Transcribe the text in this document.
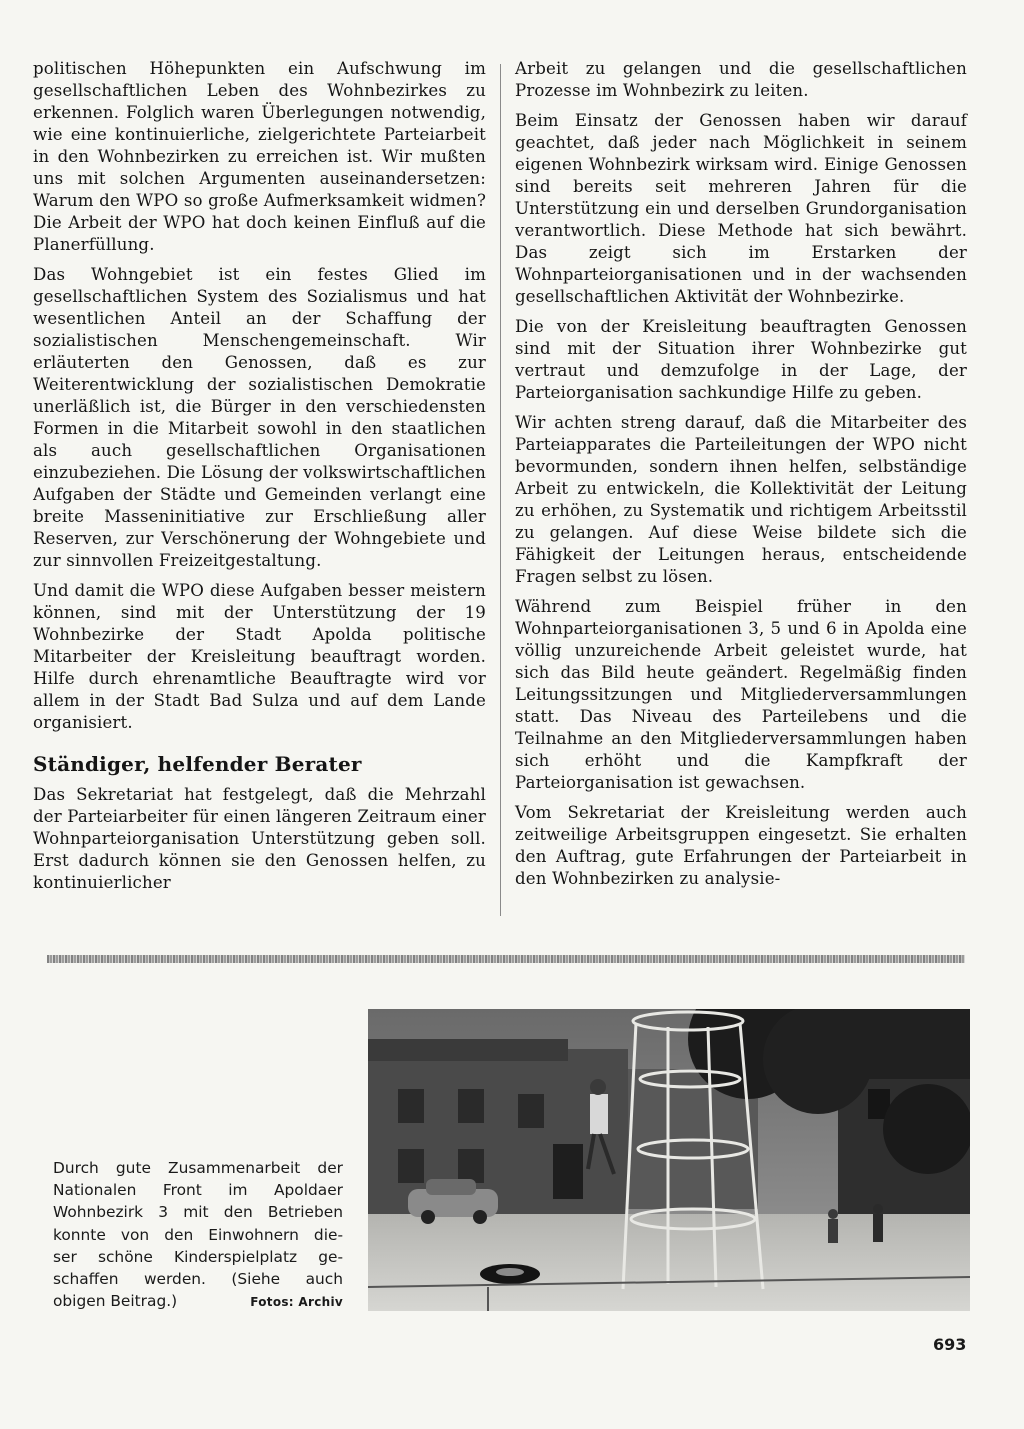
politischen Höhepunkten ein Aufschwung im gesellschaftlichen Leben des Wohnbezirkes zu erkennen. Folglich waren Überlegungen notwendig, wie eine kontinuierliche, zielgerichtete Parteiarbeit in den Wohnbezirken zu erreichen ist. Wir mußten uns mit solchen Argumenten auseinandersetzen: Warum den WPO so große Aufmerksamkeit widmen? Die Arbeit der WPO hat doch keinen Einfluß auf die Planerfüllung.

Das Wohngebiet ist ein festes Glied im gesellschaftlichen System des Sozialismus und hat wesentlichen Anteil an der Schaffung der sozialistischen Menschengemeinschaft. Wir erläuterten den Genossen, daß es zur Weiterentwicklung der sozialistischen Demokratie unerläßlich ist, die Bürger in den verschiedensten Formen in die Mitarbeit sowohl in den staatlichen als auch gesellschaftlichen Organisationen einzubeziehen. Die Lösung der volkswirtschaftlichen Aufgaben der Städte und Gemeinden verlangt eine breite Masseninitiative zur Erschließung aller Reserven, zur Verschönerung der Wohngebiete und zur sinnvollen Freizeitgestaltung.

Und damit die WPO diese Aufgaben besser meistern können, sind mit der Unterstützung der 19 Wohnbezirke der Stadt Apolda politische Mitarbeiter der Kreisleitung beauftragt worden. Hilfe durch ehrenamtliche Beauftragte wird vor allem in der Stadt Bad Sulza und auf dem Lande organisiert.

Ständiger, helfender Berater

Das Sekretariat hat festgelegt, daß die Mehrzahl der Parteiarbeiter für einen längeren Zeitraum einer Wohnparteiorganisation Unterstützung geben soll. Erst dadurch können sie den Genossen helfen, zu kontinuierlicher

Arbeit zu gelangen und die gesellschaftlichen Prozesse im Wohnbezirk zu leiten.

Beim Einsatz der Genossen haben wir darauf geachtet, daß jeder nach Möglichkeit in seinem eigenen Wohnbezirk wirksam wird. Einige Genossen sind bereits seit mehreren Jahren für die Unterstützung ein und derselben Grundorganisation verantwortlich. Diese Methode hat sich bewährt. Das zeigt sich im Erstarken der Wohnparteiorganisationen und in der wachsenden gesellschaftlichen Aktivität der Wohnbezirke.

Die von der Kreisleitung beauftragten Genossen sind mit der Situation ihrer Wohnbezirke gut vertraut und demzufolge in der Lage, der Parteiorganisation sachkundige Hilfe zu geben.

Wir achten streng darauf, daß die Mitarbeiter des Parteiapparates die Parteileitungen der WPO nicht bevormunden, sondern ihnen helfen, selbständige Arbeit zu entwickeln, die Kollektivität der Leitung zu erhöhen, zu Systematik und richtigem Arbeitsstil zu gelangen. Auf diese Weise bildete sich die Fähigkeit der Leitungen heraus, entscheidende Fragen selbst zu lösen.

Während zum Beispiel früher in den Wohnparteiorganisationen 3, 5 und 6 in Apolda eine völlig unzureichende Arbeit geleistet wurde, hat sich das Bild heute geändert. Regelmäßig finden Leitungssitzungen und Mitgliederversammlungen statt. Das Niveau des Parteilebens und die Teilnahme an den Mitgliederversammlungen haben sich erhöht und die Kampfkraft der Parteiorganisation ist gewachsen.

Vom Sekretariat der Kreisleitung werden auch zeitweilige Arbeitsgruppen eingesetzt. Sie erhalten den Auftrag, gute Erfahrungen der Parteiarbeit in den Wohnbezirken zu analysie-

Durch gute Zusammenarbeit der
Nationalen Front im Apoldaer
Wohnbezirk 3 mit den Betrieben
konnte von den Einwohnern die-
ser schöne Kinderspielplatz ge-
schaffen werden. (Siehe auch
obigen Beitrag.)	Fotos: Archiv
693
